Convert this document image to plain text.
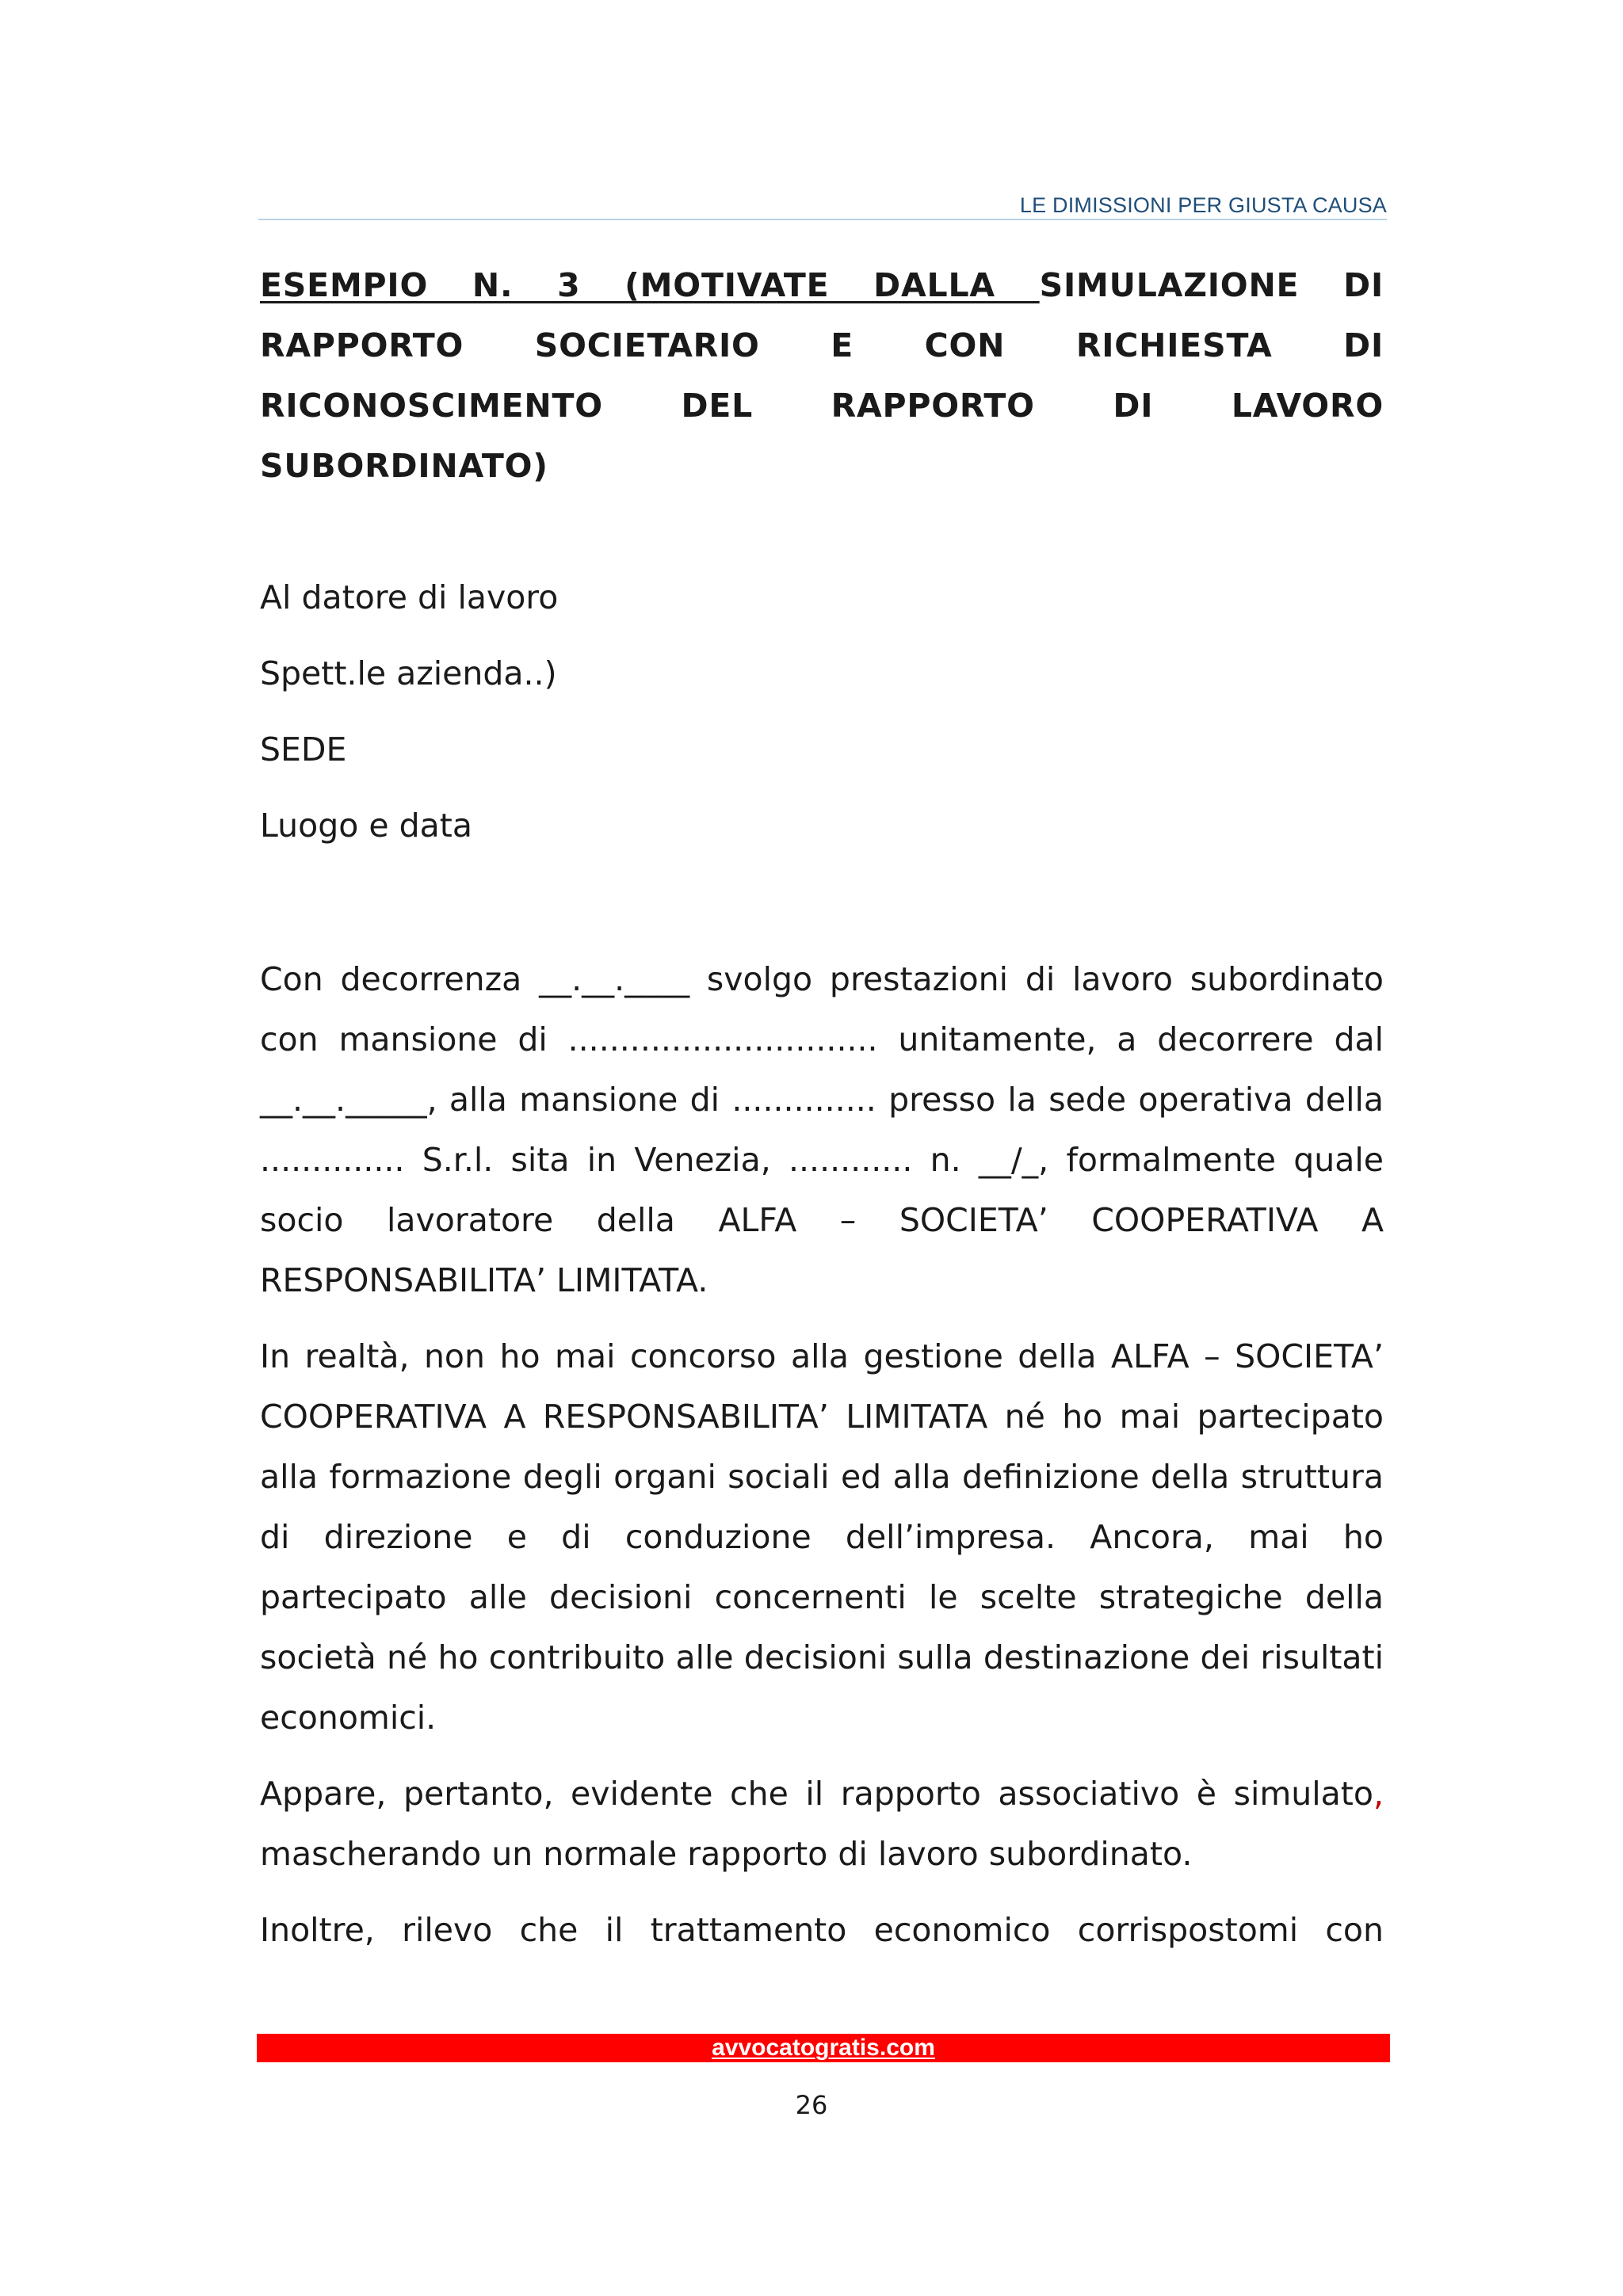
LE DIMISSIONI PER GIUSTA CAUSA
ESEMPIO N. 3 (MOTIVATE DALLA SIMULAZIONE DI RAPPORTO SOCIETARIO E CON RICHIESTA DI RICONOSCIMENTO DEL RAPPORTO DI LAVORO SUBORDINATO)
Al datore di lavoro
Spett.le azienda..)
SEDE
Luogo e data

Con decorrenza __.__.____ svolgo prestazioni di lavoro subordinato con mansione di .............................. unitamente, a decorrere dal __.__._____, alla mansione di .............. presso la sede operativa della .............. S.r.l. sita in Venezia, ............ n. __/_, formalmente quale socio lavoratore della ALFA – SOCIETA’ COOPERATIVA A RESPONSABILITA’ LIMITATA.

In realtà, non ho mai concorso alla gestione della ALFA – SOCIETA’ COOPERATIVA A RESPONSABILITA’ LIMITATA né ho mai partecipato alla formazione degli organi sociali ed alla definizione della struttura di direzione e di conduzione dell’impresa. Ancora, mai ho partecipato alle decisioni concernenti le scelte strategiche della società né ho contribuito alle decisioni sulla destinazione dei risultati economici.

Appare, pertanto, evidente che il rapporto associativo è simulato, mascherando un normale rapporto di lavoro subordinato.

Inoltre, rilevo che il trattamento economico corrispostomi con

avvocatogratis.com
26
